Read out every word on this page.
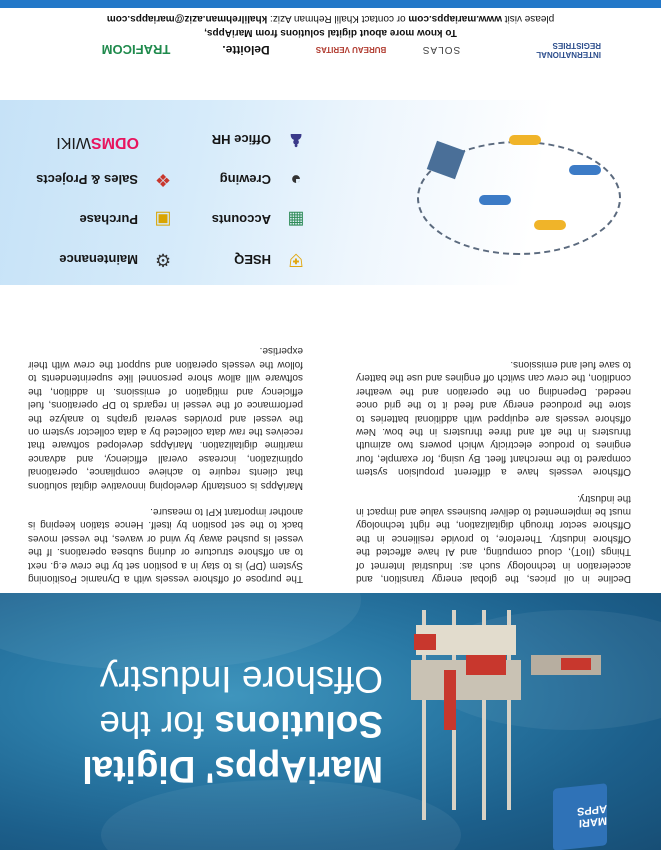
MARI APPS
MariApps' Digital
Solutions for the
Offshore Industry

Decline in oil prices, the global energy transition, and acceleration in technology such as: Industrial Internet of Things (IIoT), cloud computing, and AI have affected the Offshore industry. Therefore, to provide resilience in the Offshore sector through digitalization, the right technology must be implemented to deliver business value and impact in the industry.

Offshore vessels have a different propulsion system compared to the merchant fleet. By using, for example, four engines to produce electricity which powers two azimuth thrusters in the aft and three thrusters in the bow. New offshore vessels are equipped with additional batteries to store the produced energy and feed it to the grid once needed. Depending on the operation and the weather condition, the crew can switch off engines and use the battery to save fuel and emissions.

The purpose of offshore vessels with a Dynamic Positioning System (DP) is to stay in a position set by the crew e.g. next to an offshore structure or during subsea operations. If the vessel is pushed away by wind or waves, the vessel moves back to the set position by itself. Hence station keeping is another important KPI to measure.

MariApps is constantly developing innovative digital solutions that clients require to achieve compliance, operational optimization, increase overall efficiency, and advance maritime digitalization. MariApps developed software that receives the raw data collected by a data collector system on the vessel and provides several graphs to analyze the performance of the vessel in regards to DP operations, fuel efficiency and mitigation of emissions. In addition, the software will allow shore personnel like superintendents to follow the vessels operation and support the crew with their expertise.

⛨
HSEQ
▦
Accounts
◕
Crewing
♟
Office HR
⚙
Maintenance
▣
Purchase
❖
Sales & Projects
ODMSWIKI
INTERNATIONAL REGISTRIES
SOLAS
BUREAU VERITAS
Deloitte.
TRAFICOM
To know more about digital solutions from MariApps,
please visit www.mariapps.com or contact Khalil Rehman Aziz: khalilrehman.aziz@mariapps.com
